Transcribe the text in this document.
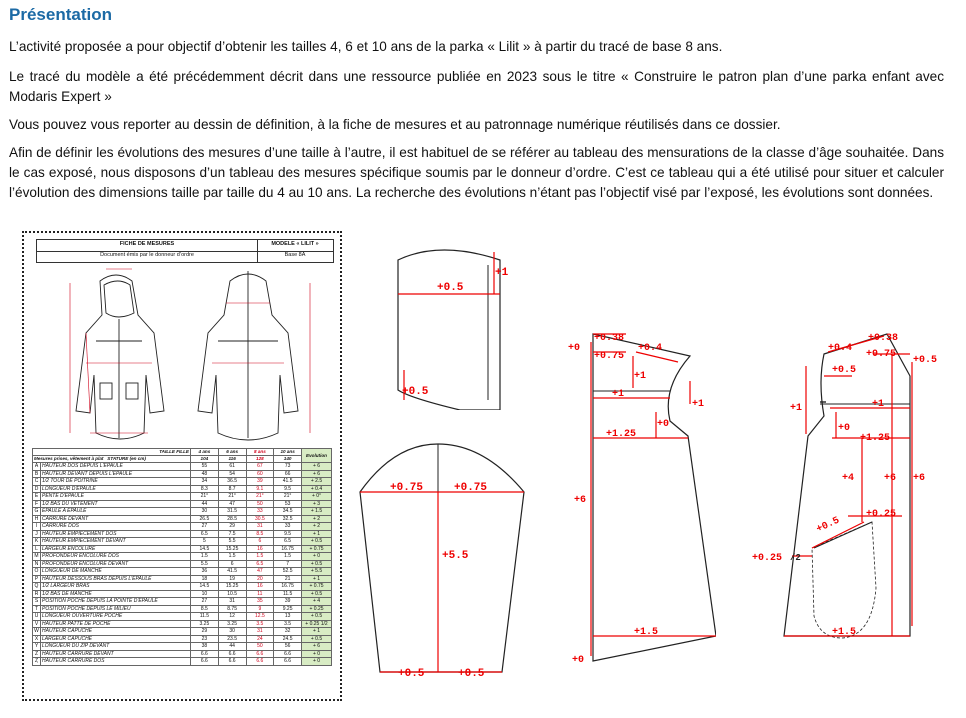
Présentation

L’activité proposée a pour objectif d’obtenir les tailles 4, 6 et 10 ans de la parka « Lilit » à partir du tracé de base 8 ans.

Le tracé du modèle a été précédemment décrit dans une ressource publiée en 2023 sous le titre « Construire le patron plan d’une parka enfant avec Modaris Expert »

Vous pouvez vous reporter au dessin de définition, à la fiche de mesures et au patronnage numérique réutilisés dans ce dossier.

Afin de définir les évolutions des mesures d’une taille à l’autre, il est habituel de se référer au tableau des mensurations de la classe d’âge souhaitée. Dans le cas exposé, nous disposons d’un tableau des mesures spécifique soumis par le donneur d’ordre. C’est ce tableau qui a été utilisé pour situer et calculer l’évolution des dimensions taille par taille du 4 au 10 ans. La recherche des évolutions n’étant pas l’objectif visé par l’exposé, les évolutions sont données.

FICHE DE MESURES
Document émis par le donneur d’ordre
MODELE « LILIT »
Base 8A
TAILLE FILLE		4 ans	6 ans	8 ans	10 ans	Evolution
Mesures prises, vêtement à plat STATURE (en cm)		104	116	128	140	
A	HAUTEUR DOS DEPUIS L'EPAULE	55	61	67	73	+ 6
B	HAUTEUR DEVANT DEPUIS L'EPAULE	48	54	60	66	+ 6
C	1/2 TOUR DE POITRINE	34	36.5	39	41.5	+ 2.5
D	LONGUEUR D'EPAULE	8.3	8.7	9.1	9.5	+ 0.4
E	PENTE D'EPAULE	21°	21°	21°	21°	+ 0°
F	1/2 BAS DU VETEMENT	44	47	50	53	+ 3
G	EPAULE A EPAULE	30	31.5	33	34.5	+ 1.5
H	CARRURE DEVANT	26.5	28.5	30.5	32.5	+ 2
I	CARRURE DOS	27	29	31	33	+ 2
J	HAUTEUR EMPIECEMENT DOS	6.5	7.5	8.5	9.5	+ 1
K	HAUTEUR EMPIECEMENT DEVANT	5	5.5	6	6.5	+ 0.5
L	LARGEUR ENCOLURE	14.5	15.25	16	16.75	+ 0.75
M	PROFONDEUR ENCOLURE DOS	1.5	1.5	1.5	1.5	+ 0
N	PROFONDEUR ENCOLURE DEVANT	5.5	6	6.5	7	+ 0.5
O	LONGUEUR DE MANCHE	36	41.5	47	52.5	+ 5.5
P	HAUTEUR DESSOUS BRAS DEPUIS L'EPAULE	18	19	20	21	+ 1
Q	1/2 LARGEUR BRAS	14.5	15.25	16	16.75	+ 0.75
R	1/2 BAS DE MANCHE	10	10.5	11	11.5	+ 0.5
S	POSITION POCHE DEPUIS LA POINTE D'EPAULE	27	31	35	39	+ 4
T	POSITION POCHE DEPUIS LE MILIEU	8.5	8.75	9	9.25	+ 0.25
U	LONGUEUR OUVERTURE POCHE	11.5	12	12.5	13	+ 0.5
V	HAUTEUR PATTE DE POCHE	3.25	3.25	3.5	3.5	+ 0.25 1/2
W	HAUTEUR CAPUCHE	29	30	31	32	+ 1
X	LARGEUR CAPUCHE	23	23.5	24	24.5	+ 0.5
Y	LONGUEUR DU ZIP DEVANT	38	44	50	56	+ 6
Z	HAUTEUR CARRURE DEVANT	6.6	6.6	6.6	6.6	+ 0
Ȥ	HAUTEUR CARRURE DOS	6.6	6.6	6.6	6.6	+ 0
+0.5
+1
+0.5
+0.75	+0.75
+5.5
+0.5	+0.5
+0.38
+0
+0.75
+0.4
+1
+1
+1
+0
+1.25
+6
+1.5
+0
+0.4
+0.38
+0.75
+0.5
+0.5
+1	+1
+0
+1.25
+4	+6 +6
+0.25
+0.5
+0.25 /2
+1.5
